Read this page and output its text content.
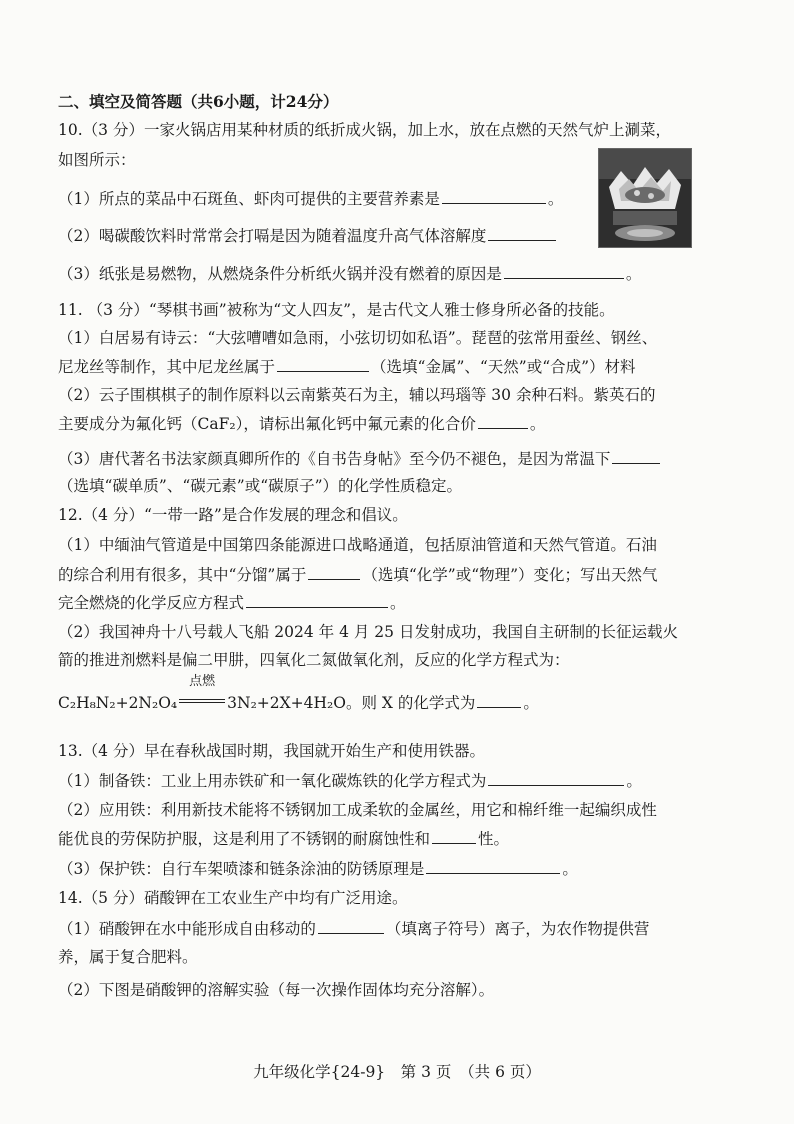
二、填空及简答题（共6小题，计24分）
10.（3 分）一家火锅店用某种材质的纸折成火锅，加上水，放在点燃的天然气炉上涮菜，
如图所示：
（1）所点的菜品中石斑鱼、虾肉可提供的主要营养素是	。
（2）喝碳酸饮料时常常会打嗝是因为随着温度升高气体溶解度
（3）纸张是易燃物，从燃烧条件分析纸火锅并没有燃着的原因是	。
11. （3 分）“琴棋书画”被称为“文人四友”，是古代文人雅士修身所必备的技能。
（1）白居易有诗云：“大弦嘈嘈如急雨，小弦切切如私语”。琵琶的弦常用蚕丝、钢丝、
尼龙丝等制作，其中尼龙丝属于	（选填“金属”、“天然”或“合成”）材料
（2）云子围棋棋子的制作原料以云南紫英石为主，辅以玛瑙等 30 余种石料。紫英石的
主要成分为氟化钙（CaF₂），请标出氟化钙中氟元素的化合价	。
（3）唐代著名书法家颜真卿所作的《自书告身帖》至今仍不褪色，是因为常温下
（选填“碳单质”、“碳元素”或“碳原子”）的化学性质稳定。
12.（4 分）“一带一路”是合作发展的理念和倡议。
（1）中缅油气管道是中国第四条能源进口战略通道，包括原油管道和天然气管道。石油
的综合利用有很多，其中“分馏”属于	（选填“化学”或“物理”）变化；写出天然气
完全燃烧的化学反应方程式	。
（2）我国神舟十八号载人飞船 2024 年 4 月 25 日发射成功，我国自主研制的长征运载火
箭的推进剂燃料是偏二甲肼，四氧化二氮做氧化剂，反应的化学方程式为：
C₂H₈N₂+2N₂O₄
点燃
3N₂+2X+4H₂O。则 X 的化学式为	。
13.（4 分）早在春秋战国时期，我国就开始生产和使用铁器。
（1）制备铁：工业上用赤铁矿和一氧化碳炼铁的化学方程式为	。
（2）应用铁：利用新技术能将不锈钢加工成柔软的金属丝，用它和棉纤维一起编织成性
能优良的劳保防护服，这是利用了不锈钢的耐腐蚀性和	性。
（3）保护铁：自行车架喷漆和链条涂油的防锈原理是	。
14.（5 分）硝酸钾在工农业生产中均有广泛用途。
（1）硝酸钾在水中能形成自由移动的	（填离子符号）离子，为农作物提供营
养，属于复合肥料。
（2）下图是硝酸钾的溶解实验（每一次操作固体均充分溶解）。
九年级化学{24-9}　第 3 页　（共 6 页）
